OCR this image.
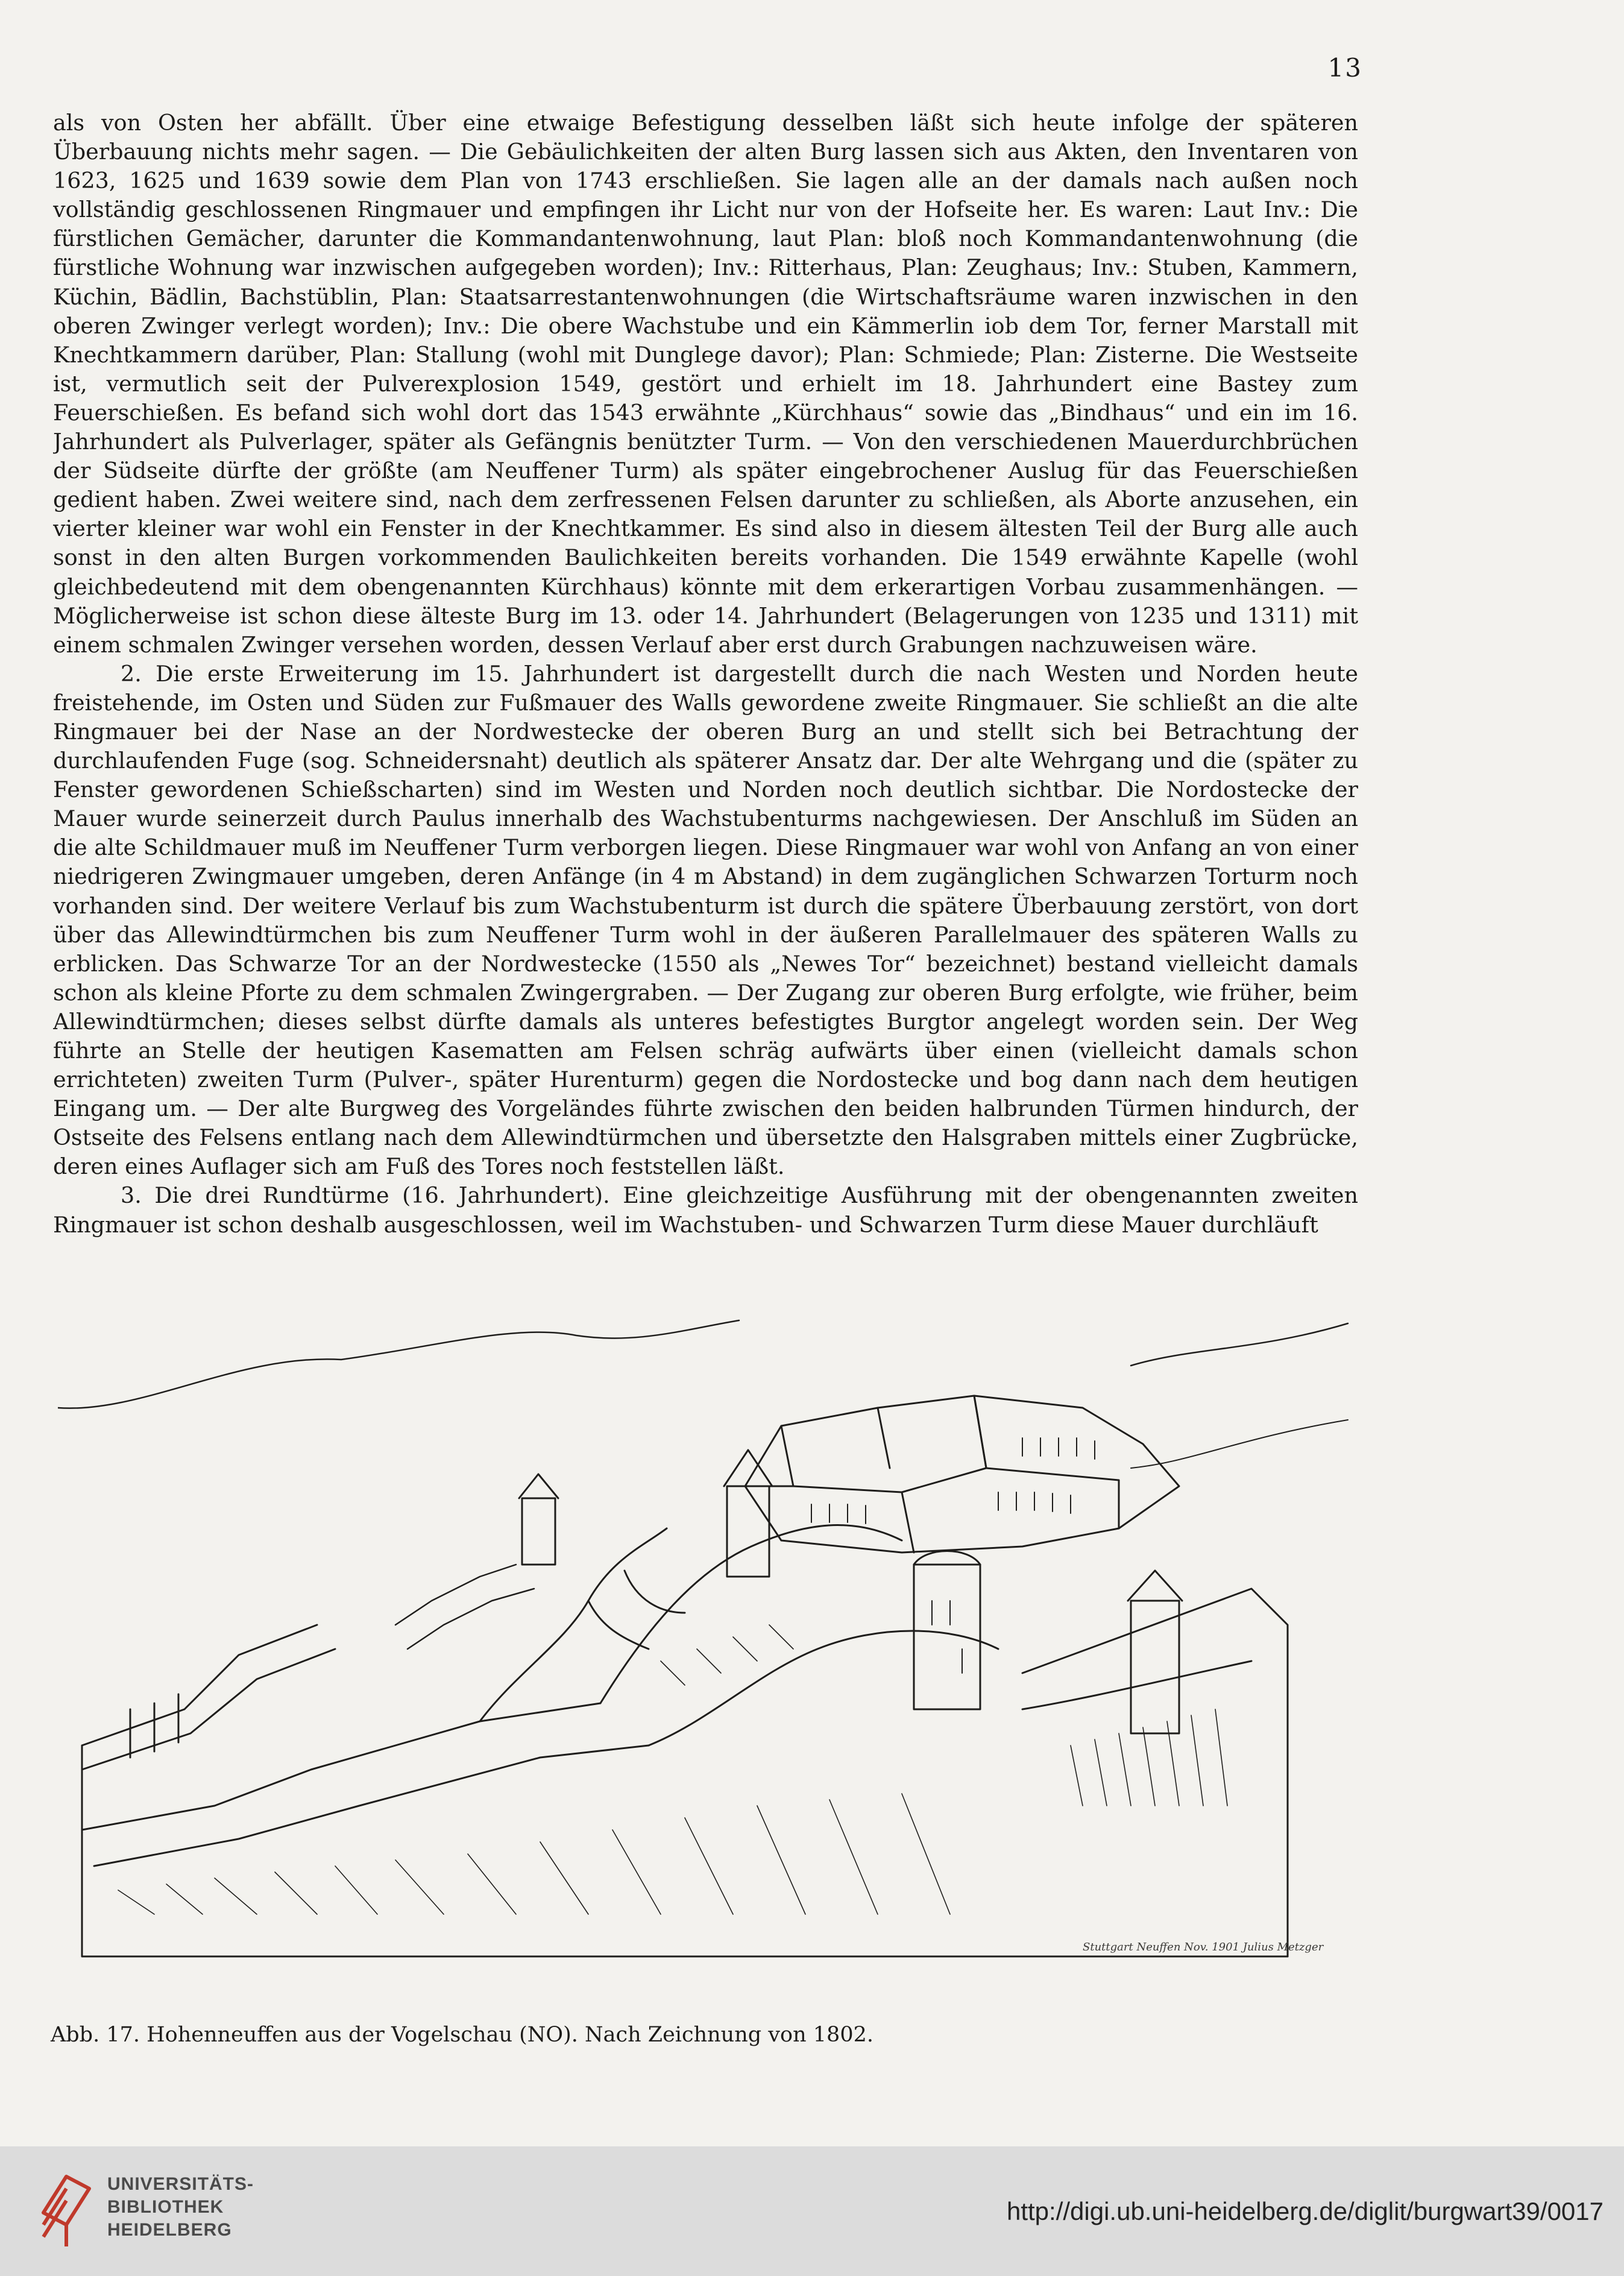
13

als von Osten her abfällt. Über eine etwaige Befestigung desselben läßt sich heute infolge der späteren Überbauung nichts mehr sagen. — Die Gebäulichkeiten der alten Burg lassen sich aus Akten, den Inventaren von 1623, 1625 und 1639 sowie dem Plan von 1743 erschließen. Sie lagen alle an der damals nach außen noch vollständig geschlossenen Ringmauer und empfingen ihr Licht nur von der Hofseite her. Es waren: Laut Inv.: Die fürstlichen Gemächer, darunter die Kommandantenwohnung, laut Plan: bloß noch Kommandantenwohnung (die fürstliche Wohnung war inzwischen aufgegeben worden); Inv.: Ritterhaus, Plan: Zeughaus; Inv.: Stuben, Kammern, Küchin, Bädlin, Bachstüblin, Plan: Staatsarrestantenwohnungen (die Wirtschaftsräume waren inzwischen in den oberen Zwinger verlegt worden); Inv.: Die obere Wachstube und ein Kämmerlin iob dem Tor, ferner Marstall mit Knechtkammern darüber, Plan: Stallung (wohl mit Dunglege davor); Plan: Schmiede; Plan: Zisterne. Die Westseite ist, vermutlich seit der Pulverexplosion 1549, gestört und erhielt im 18. Jahrhundert eine Bastey zum Feuerschießen. Es befand sich wohl dort das 1543 erwähnte „Kürchhaus“ sowie das „Bindhaus“ und ein im 16. Jahrhundert als Pulverlager, später als Gefängnis benützter Turm. — Von den verschiedenen Mauerdurchbrüchen der Südseite dürfte der größte (am Neuffener Turm) als später eingebrochener Auslug für das Feuerschießen gedient haben. Zwei weitere sind, nach dem zerfressenen Felsen darunter zu schließen, als Aborte anzusehen, ein vierter kleiner war wohl ein Fenster in der Knechtkammer. Es sind also in diesem ältesten Teil der Burg alle auch sonst in den alten Burgen vorkommenden Baulichkeiten bereits vorhanden. Die 1549 erwähnte Kapelle (wohl gleichbedeutend mit dem obengenannten Kürchhaus) könnte mit dem erkerartigen Vorbau zusammenhängen. — Möglicherweise ist schon diese älteste Burg im 13. oder 14. Jahrhundert (Belagerungen von 1235 und 1311) mit einem schmalen Zwinger versehen worden, dessen Verlauf aber erst durch Grabungen nachzuweisen wäre.

2. Die erste Erweiterung im 15. Jahrhundert ist dargestellt durch die nach Westen und Norden heute freistehende, im Osten und Süden zur Fußmauer des Walls gewordene zweite Ringmauer. Sie schließt an die alte Ringmauer bei der Nase an der Nordwestecke der oberen Burg an und stellt sich bei Betrachtung der durchlaufenden Fuge (sog. Schneidersnaht) deutlich als späterer Ansatz dar. Der alte Wehrgang und die (später zu Fenster gewordenen Schießscharten) sind im Westen und Norden noch deutlich sichtbar. Die Nordostecke der Mauer wurde seinerzeit durch Paulus innerhalb des Wachstubenturms nachgewiesen. Der Anschluß im Süden an die alte Schildmauer muß im Neuffener Turm verborgen liegen. Diese Ringmauer war wohl von Anfang an von einer niedrigeren Zwingmauer umgeben, deren Anfänge (in 4 m Abstand) in dem zugänglichen Schwarzen Torturm noch vorhanden sind. Der weitere Verlauf bis zum Wachstubenturm ist durch die spätere Überbauung zerstört, von dort über das Allewindtürmchen bis zum Neuffener Turm wohl in der äußeren Parallelmauer des späteren Walls zu erblicken. Das Schwarze Tor an der Nordwestecke (1550 als „Newes Tor“ bezeichnet) bestand vielleicht damals schon als kleine Pforte zu dem schmalen Zwingergraben. — Der Zugang zur oberen Burg erfolgte, wie früher, beim Allewindtürmchen; dieses selbst dürfte damals als unteres befestigtes Burgtor angelegt worden sein. Der Weg führte an Stelle der heutigen Kasematten am Felsen schräg aufwärts über einen (vielleicht damals schon errichteten) zweiten Turm (Pulver-, später Hurenturm) gegen die Nordostecke und bog dann nach dem heutigen Eingang um. — Der alte Burgweg des Vorgeländes führte zwischen den beiden halbrunden Türmen hindurch, der Ostseite des Felsens entlang nach dem Allewindtürmchen und übersetzte den Halsgraben mittels einer Zugbrücke, deren eines Auflager sich am Fuß des Tores noch feststellen läßt.

3. Die drei Rundtürme (16. Jahrhundert). Eine gleichzeitige Ausführung mit der obengenannten zweiten Ringmauer ist schon deshalb ausgeschlossen, weil im Wachstuben- und Schwarzen Turm diese Mauer durchläuft

Stuttgart Neuffen Nov. 1901 Julius Metzger
Abb. 17. Hohenneuffen aus der Vogelschau (NO). Nach Zeichnung von 1802.
UNIVERSITÄTS-
BIBLIOTHEK
HEIDELBERG
http://digi.ub.uni-heidelberg.de/diglit/burgwart39/0017
